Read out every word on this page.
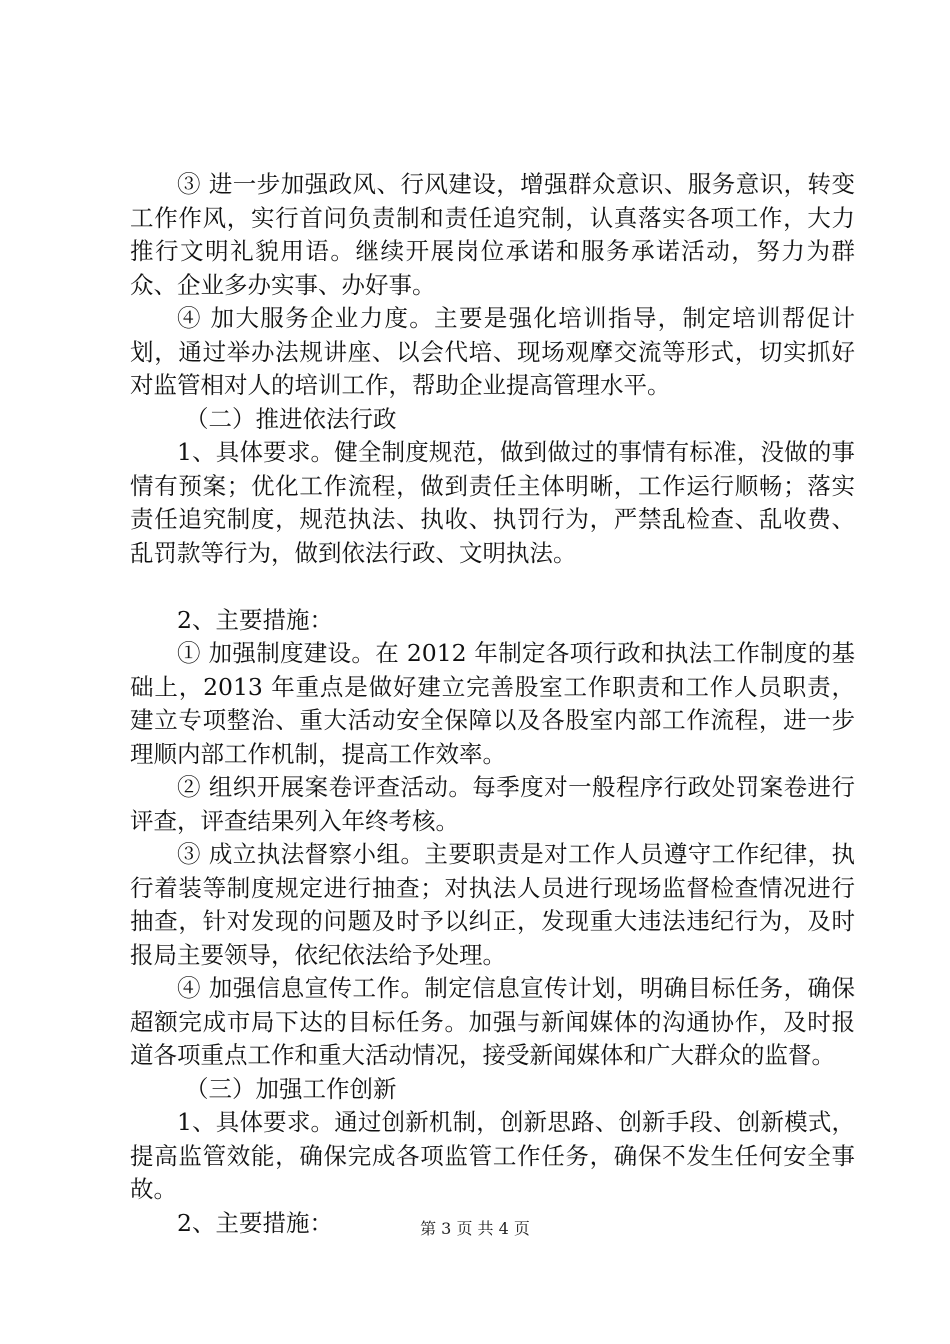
③ 进一步加强政风、行风建设，增强群众意识、服务意识，转变工作作风，实行首问负责制和责任追究制，认真落实各项工作，大力推行文明礼貌用语。继续开展岗位承诺和服务承诺活动，努力为群众、企业多办实事、办好事。

④ 加大服务企业力度。主要是强化培训指导，制定培训帮促计划，通过举办法规讲座、以会代培、现场观摩交流等形式，切实抓好对监管相对人的培训工作，帮助企业提高管理水平。

（二）推进依法行政

1、具体要求。健全制度规范，做到做过的事情有标准，没做的事情有预案；优化工作流程，做到责任主体明晰，工作运行顺畅；落实责任追究制度，规范执法、执收、执罚行为，严禁乱检查、乱收费、乱罚款等行为，做到依法行政、文明执法。

2、主要措施：

① 加强制度建设。在 2012 年制定各项行政和执法工作制度的基础上，2013 年重点是做好建立完善股室工作职责和工作人员职责，建立专项整治、重大活动安全保障以及各股室内部工作流程，进一步理顺内部工作机制，提高工作效率。

② 组织开展案卷评查活动。每季度对一般程序行政处罚案卷进行评查，评查结果列入年终考核。

③ 成立执法督察小组。主要职责是对工作人员遵守工作纪律，执行着装等制度规定进行抽查；对执法人员进行现场监督检查情况进行抽查，针对发现的问题及时予以纠正，发现重大违法违纪行为，及时报局主要领导，依纪依法给予处理。

④ 加强信息宣传工作。制定信息宣传计划，明确目标任务，确保超额完成市局下达的目标任务。加强与新闻媒体的沟通协作，及时报道各项重点工作和重大活动情况，接受新闻媒体和广大群众的监督。

（三）加强工作创新

1、具体要求。通过创新机制，创新思路、创新手段、创新模式，提高监管效能，确保完成各项监管工作任务，确保不发生任何安全事故。

2、主要措施：	第 3 页 共 4 页
